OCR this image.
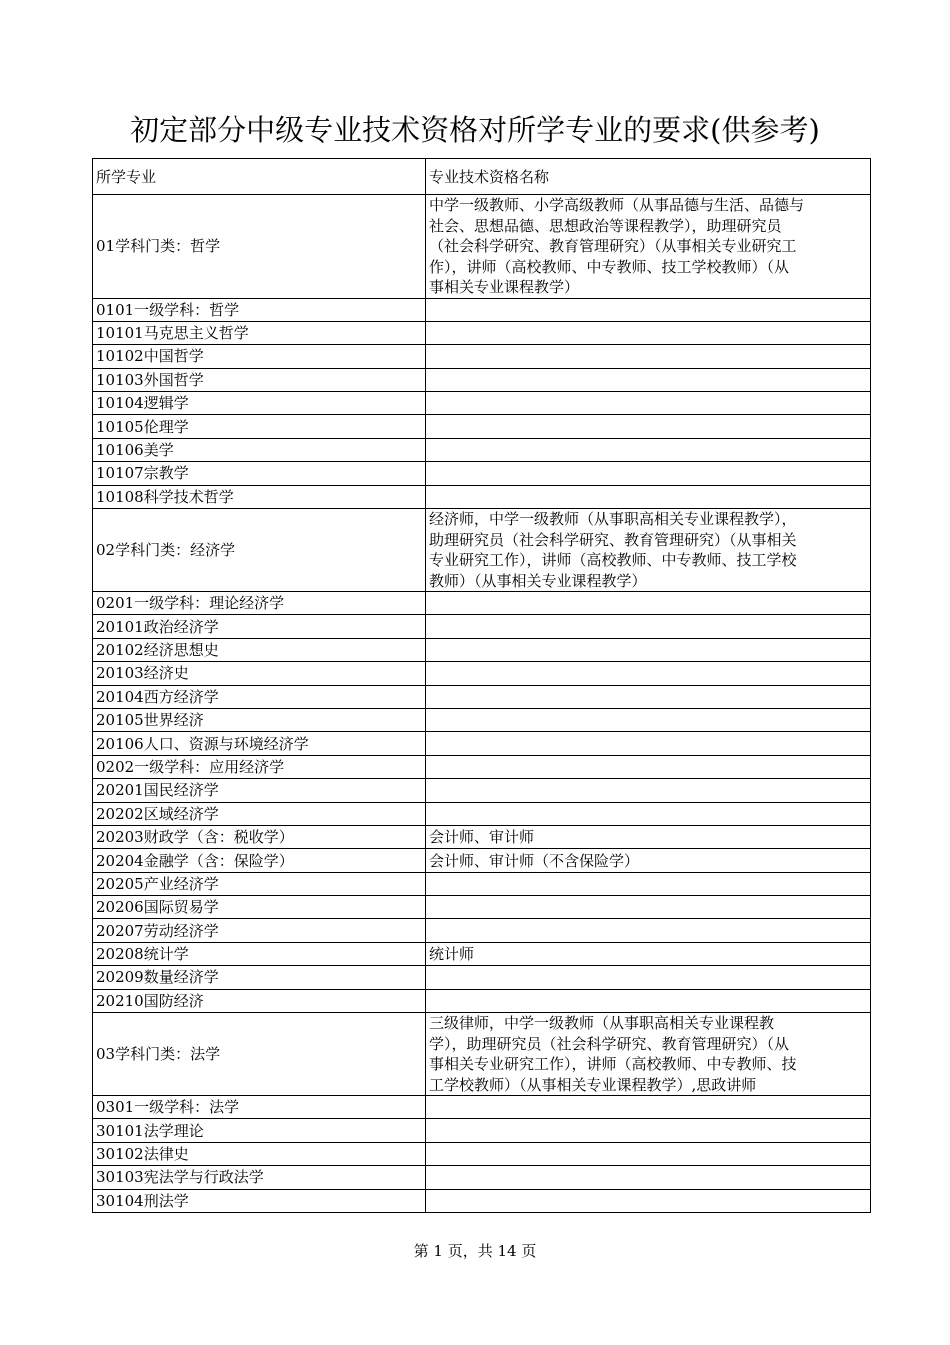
初定部分中级专业技术资格对所学专业的要求(供参考)
所学专业	专业技术资格名称
01学科门类：哲学	中学一级教师、小学高级教师（从事品德与生活、品德与
社会、思想品德、思想政治等课程教学），助理研究员
（社会科学研究、教育管理研究）（从事相关专业研究工
作），讲师（高校教师、中专教师、技工学校教师）（从
事相关专业课程教学）

0101一级学科：哲学	
10101马克思主义哲学	
10102中国哲学	
10103外国哲学	
10104逻辑学	
10105伦理学	
10106美学	
10107宗教学	
10108科学技术哲学	
02学科门类：经济学	经济师，中学一级教师（从事职高相关专业课程教学），
助理研究员（社会科学研究、教育管理研究）（从事相关
专业研究工作），讲师（高校教师、中专教师、技工学校
教师）（从事相关专业课程教学）

0201一级学科：理论经济学	
20101政治经济学	
20102经济思想史	
20103经济史	
20104西方经济学	
20105世界经济	
20106人口、资源与环境经济学	
0202一级学科：应用经济学	
20201国民经济学	
20202区域经济学	
20203财政学（含：税收学）	会计师、审计师
20204金融学（含：保险学）	会计师、审计师（不含保险学）
20205产业经济学	
20206国际贸易学	
20207劳动经济学	
20208统计学	统计师
20209数量经济学	
20210国防经济	
03学科门类：法学	三级律师，中学一级教师（从事职高相关专业课程教
学），助理研究员（社会科学研究、教育管理研究）（从
事相关专业研究工作），讲师（高校教师、中专教师、技
工学校教师）（从事相关专业课程教学）,思政讲师

0301一级学科：法学	
30101法学理论	
30102法律史	
30103宪法学与行政法学	
30104刑法学	
第 1 页，共 14 页
